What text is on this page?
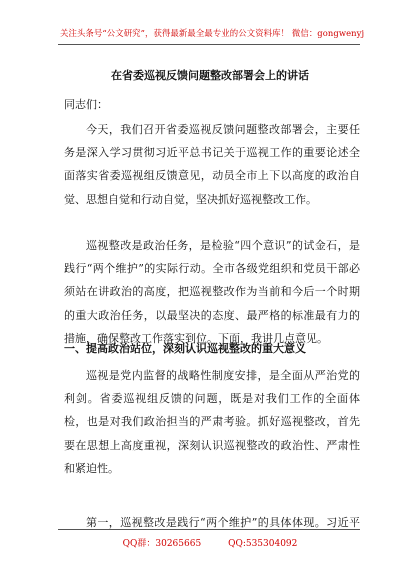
关注头条号“公文研究”，获得最新最全最专业的公文资料库！ 微信：gongwenyj
在省委巡视反馈问题整改部署会上的讲话
同志们：

今天，我们召开省委巡视反馈问题整改部署会，主要任务是深入学习贯彻习近平总书记关于巡视工作的重要论述全面落实省委巡视组反馈意见，动员全市上下以高度的政治自觉、思想自觉和行动自觉，坚决抓好巡视整改工作。

巡视整改是政治任务，是检验“四个意识”的试金石，是践行“两个维护”的实际行动。全市各级党组织和党员干部必须站在讲政治的高度，把巡视整改作为当前和今后一个时期的重大政治任务，以最坚决的态度、最严格的标准最有力的措施，确保整改工作落实到位。下面，我讲几点意见。

一、提高政治站位，深刻认识巡视整改的重大意义

巡视是党内监督的战略性制度安排，是全面从严治党的利剑。省委巡视组反馈的问题，既是对我们工作的全面体检，也是对我们政治担当的严肃考验。抓好巡视整改，首先要在思想上高度重视，深刻认识巡视整改的政治性、严肃性和紧迫性。

第一，巡视整改是践行“两个维护”的具体体现。习近平

QQ群：30265665	QQ:535304092
